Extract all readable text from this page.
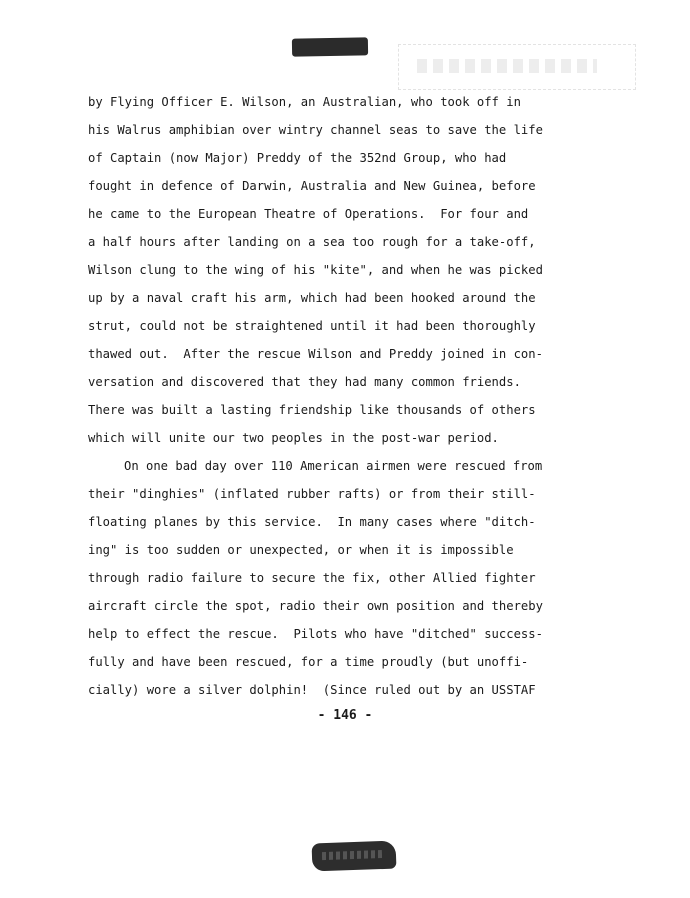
by Flying Officer E. Wilson, an Australian, who took off in
his Walrus amphibian over wintry channel seas to save the life
of Captain (now Major) Preddy of the 352nd Group, who had
fought in defence of Darwin, Australia and New Guinea, before
he came to the European Theatre of Operations.  For four and
a half hours after landing on a sea too rough for a take-off,
Wilson clung to the wing of his "kite", and when he was picked
up by a naval craft his arm, which had been hooked around the
strut, could not be straightened until it had been thoroughly
thawed out.  After the rescue Wilson and Preddy joined in con-
versation and discovered that they had many common friends.
There was built a lasting friendship like thousands of others
which will unite our two peoples in the post-war period.
On one bad day over 110 American airmen were rescued from
their "dinghies" (inflated rubber rafts) or from their still-
floating planes by this service.  In many cases where "ditch-
ing" is too sudden or unexpected, or when it is impossible
through radio failure to secure the fix, other Allied fighter
aircraft circle the spot, radio their own position and thereby
help to effect the rescue.  Pilots who have "ditched" success-
fully and have been rescued, for a time proudly (but unoffi-
cially) wore a silver dolphin!  (Since ruled out by an USSTAF
- 146 -
